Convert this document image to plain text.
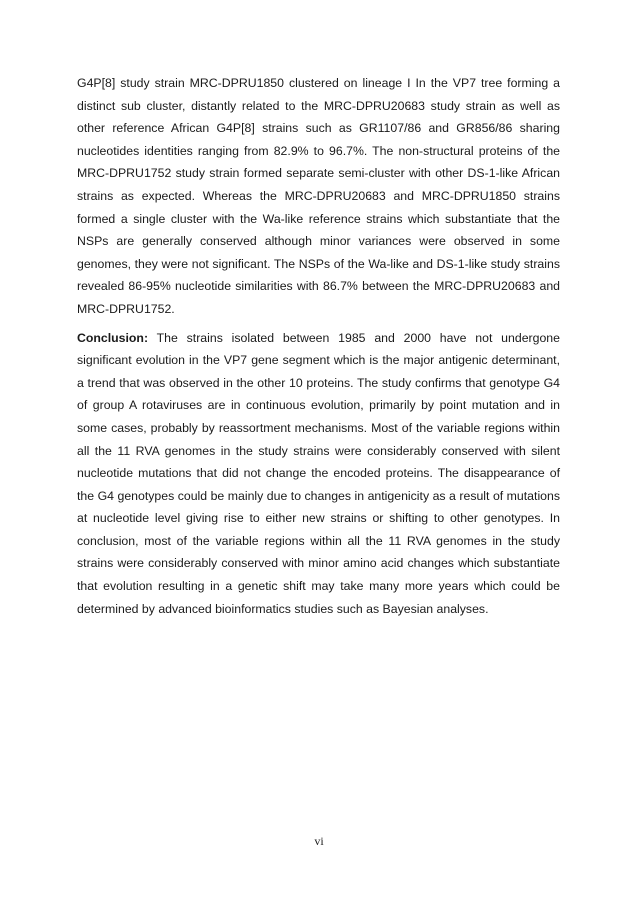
G4P[8] study strain MRC-DPRU1850 clustered on lineage I In the VP7 tree forming a distinct sub cluster, distantly related to the MRC-DPRU20683 study strain as well as other reference African G4P[8] strains such as GR1107/86 and GR856/86 sharing nucleotides identities ranging from 82.9% to 96.7%. The non-structural proteins of the MRC-DPRU1752 study strain formed separate semi-cluster with other DS-1-like African strains as expected. Whereas the MRC-DPRU20683 and MRC-DPRU1850 strains formed a single cluster with the Wa-like reference strains which substantiate that the NSPs are generally conserved although minor variances were observed in some genomes, they were not significant. The NSPs of the Wa-like and DS-1-like study strains revealed 86-95% nucleotide similarities with 86.7% between the MRC-DPRU20683 and MRC-DPRU1752.

Conclusion: The strains isolated between 1985 and 2000 have not undergone significant evolution in the VP7 gene segment which is the major antigenic determinant, a trend that was observed in the other 10 proteins. The study confirms that genotype G4 of group A rotaviruses are in continuous evolution, primarily by point mutation and in some cases, probably by reassortment mechanisms. Most of the variable regions within all the 11 RVA genomes in the study strains were considerably conserved with silent nucleotide mutations that did not change the encoded proteins. The disappearance of the G4 genotypes could be mainly due to changes in antigenicity as a result of mutations at nucleotide level giving rise to either new strains or shifting to other genotypes. In conclusion, most of the variable regions within all the 11 RVA genomes in the study strains were considerably conserved with minor amino acid changes which substantiate that evolution resulting in a genetic shift may take many more years which could be determined by advanced bioinformatics studies such as Bayesian analyses.

vi
